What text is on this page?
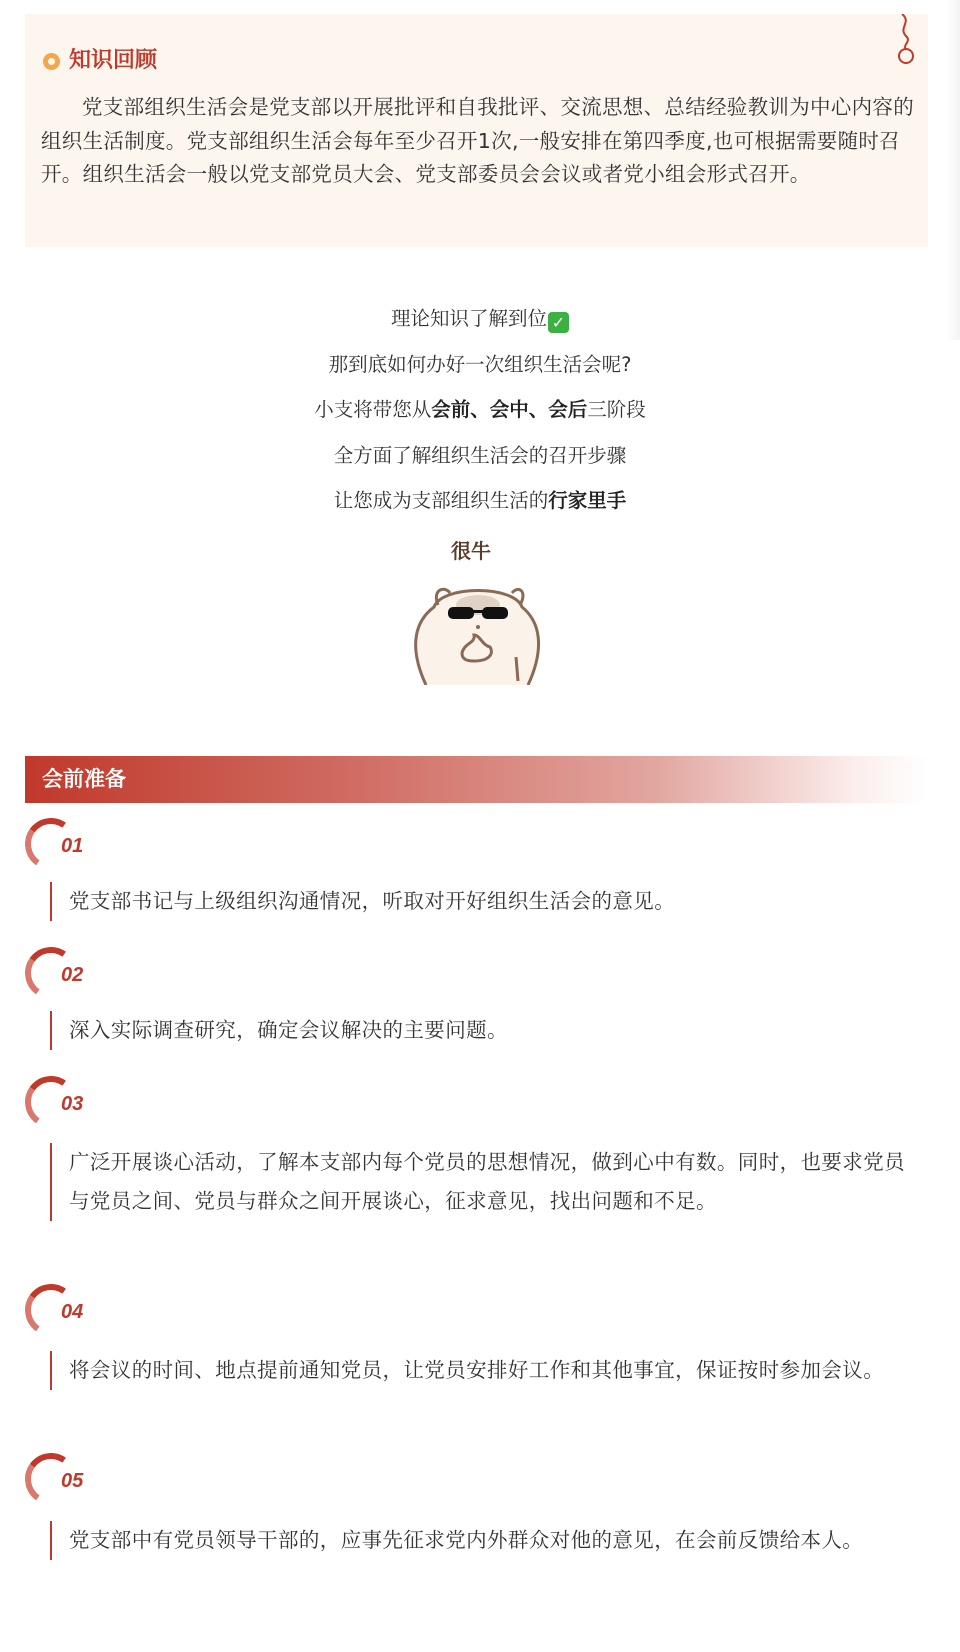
知识回顾

党支部组织生活会是党支部以开展批评和自我批评、交流思想、总结经验教训为中心内容的组织生活制度。党支部组织生活会每年至少召开1次,一般安排在第四季度,也可根据需要随时召开。组织生活会一般以党支部党员大会、党支部委员会会议或者党小组会形式召开。

理论知识了解到位 ✓
那到底如何办好一次组织生活会呢?
小支将带您从会前、会中、会后三阶段
全方面了解组织生活会的召开步骤
让您成为支部组织生活的行家里手
很牛
会前准备
01

党支部书记与上级组织沟通情况，听取对开好组织生活会的意见。

02

深入实际调查研究，确定会议解决的主要问题。

03

广泛开展谈心活动，了解本支部内每个党员的思想情况，做到心中有数。同时，也要求党员与党员之间、党员与群众之间开展谈心，征求意见，找出问题和不足。

04

将会议的时间、地点提前通知党员，让党员安排好工作和其他事宜，保证按时参加会议。

05

党支部中有党员领导干部的，应事先征求党内外群众对他的意见，在会前反馈给本人。
